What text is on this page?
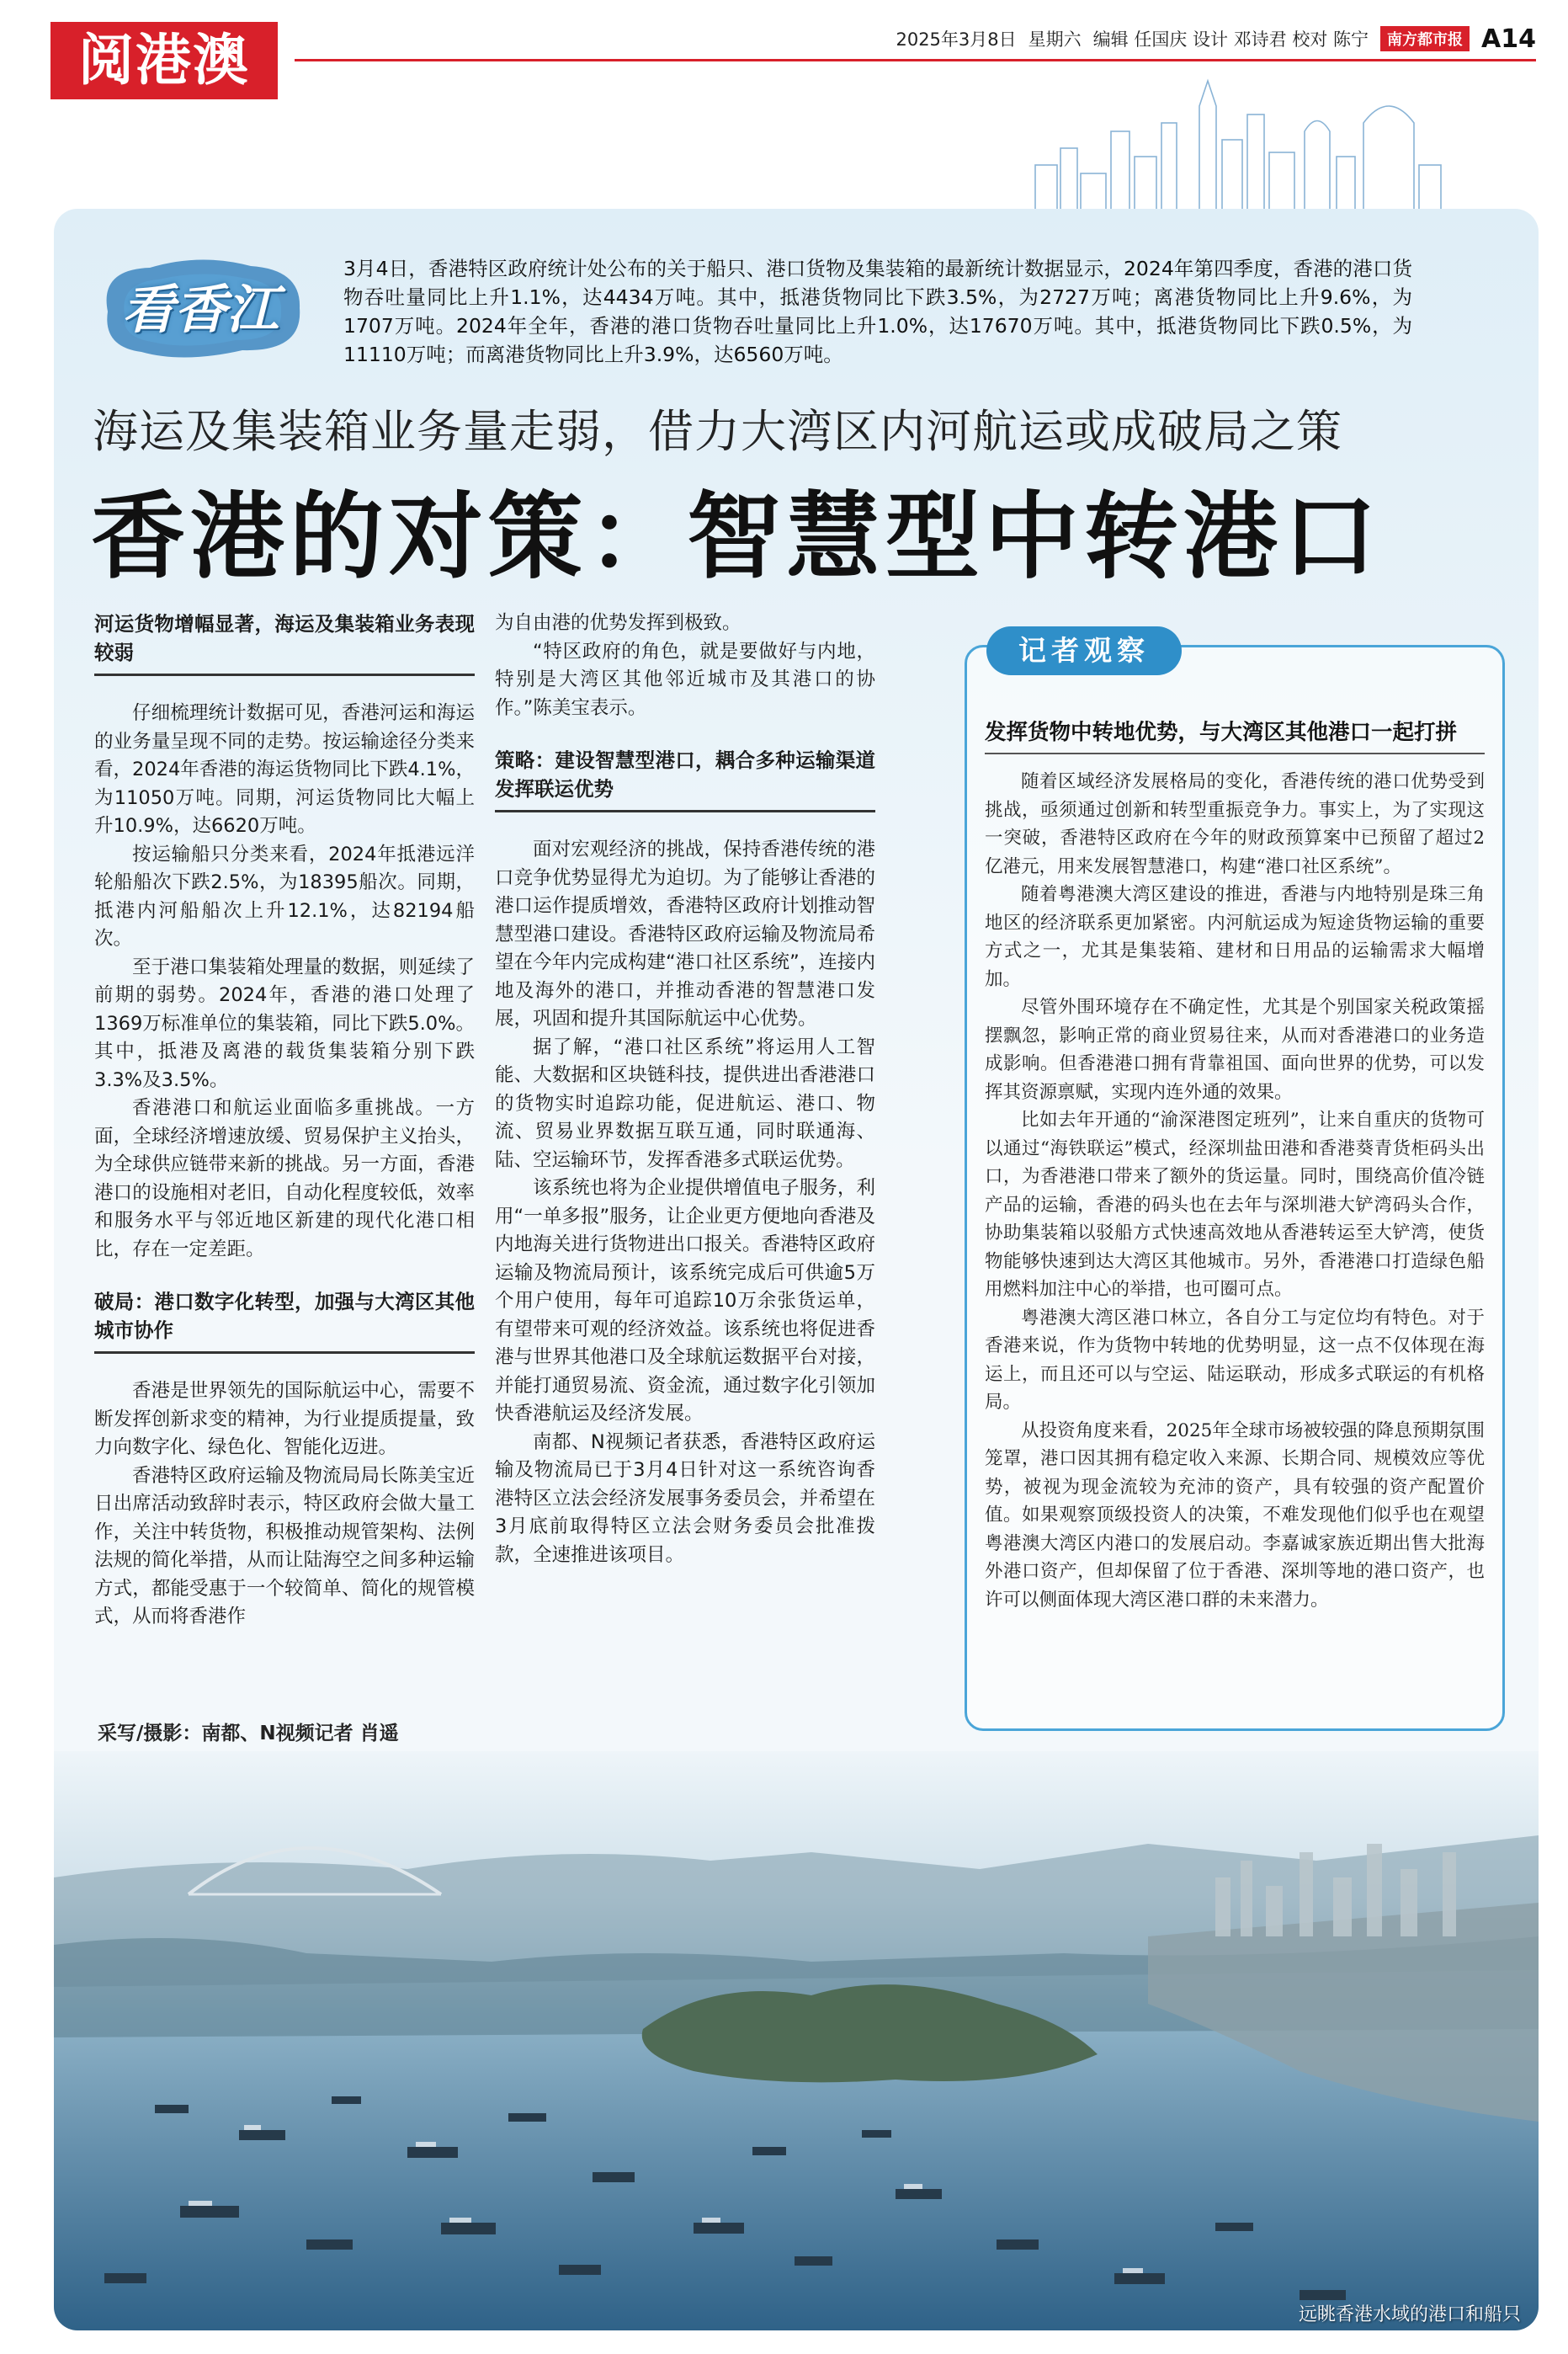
阅港澳	2025年3月8日 星期六 编辑 任国庆 设计 邓诗君 校对 陈宁	南方都市报 A14
看香江
3月4日，香港特区政府统计处公布的关于船只、港口货物及集装箱的最新统计数据显示，2024年第四季度，香港的港口货物吞吐量同比上升1.1%，达4434万吨。其中，抵港货物同比下跌3.5%，为2727万吨；离港货物同比上升9.6%，为1707万吨。2024年全年，香港的港口货物吞吐量同比上升1.0%，达17670万吨。其中，抵港货物同比下跌0.5%，为11110万吨；而离港货物同比上升3.9%，达6560万吨。
海运及集装箱业务量走弱，借力大湾区内河航运或成破局之策
香港的对策：智慧型中转港口
河运货物增幅显著，海运及集装箱业务表现较弱

仔细梳理统计数据可见，香港河运和海运的业务量呈现不同的走势。按运输途径分类来看，2024年香港的海运货物同比下跌4.1%，为11050万吨。同期，河运货物同比大幅上升10.9%，达6620万吨。

按运输船只分类来看，2024年抵港远洋轮船船次下跌2.5%，为18395船次。同期，抵港内河船船次上升12.1%，达82194船次。

至于港口集装箱处理量的数据，则延续了前期的弱势。2024年，香港的港口处理了1369万标准单位的集装箱，同比下跌5.0%。其中，抵港及离港的载货集装箱分别下跌3.3%及3.5%。

香港港口和航运业面临多重挑战。一方面，全球经济增速放缓、贸易保护主义抬头，为全球供应链带来新的挑战。另一方面，香港港口的设施相对老旧，自动化程度较低，效率和服务水平与邻近地区新建的现代化港口相比，存在一定差距。

破局：港口数字化转型，加强与大湾区其他城市协作

香港是世界领先的国际航运中心，需要不断发挥创新求变的精神，为行业提质提量，致力向数字化、绿色化、智能化迈进。

香港特区政府运输及物流局局长陈美宝近日出席活动致辞时表示，特区政府会做大量工作，关注中转货物，积极推动规管架构、法例法规的简化举措，从而让陆海空之间多种运输方式，都能受惠于一个较简单、简化的规管模式，从而将香港作

为自由港的优势发挥到极致。

“特区政府的角色，就是要做好与内地，特别是大湾区其他邻近城市及其港口的协作。”陈美宝表示。

策略：建设智慧型港口，耦合多种运输渠道发挥联运优势

面对宏观经济的挑战，保持香港传统的港口竞争优势显得尤为迫切。为了能够让香港的港口运作提质增效，香港特区政府计划推动智慧型港口建设。香港特区政府运输及物流局希望在今年内完成构建“港口社区系统”，连接内地及海外的港口，并推动香港的智慧港口发展，巩固和提升其国际航运中心优势。

据了解，“港口社区系统”将运用人工智能、大数据和区块链科技，提供进出香港港口的货物实时追踪功能，促进航运、港口、物流、贸易业界数据互联互通，同时联通海、陆、空运输环节，发挥香港多式联运优势。

该系统也将为企业提供增值电子服务，利用“一单多报”服务，让企业更方便地向香港及内地海关进行货物进出口报关。香港特区政府运输及物流局预计，该系统完成后可供逾5万个用户使用，每年可追踪10万余张货运单，有望带来可观的经济效益。该系统也将促进香港与世界其他港口及全球航运数据平台对接，并能打通贸易流、资金流，通过数字化引领加快香港航运及经济发展。

南都、N视频记者获悉，香港特区政府运输及物流局已于3月4日针对这一系统咨询香港特区立法会经济发展事务委员会，并希望在3月底前取得特区立法会财务委员会批准拨款，全速推进该项目。

采写/摄影：南都、N视频记者 肖遥
记者观察
发挥货物中转地优势，与大湾区其他港口一起打拼

随着区域经济发展格局的变化，香港传统的港口优势受到挑战，亟须通过创新和转型重振竞争力。事实上，为了实现这一突破，香港特区政府在今年的财政预算案中已预留了超过2亿港元，用来发展智慧港口，构建“港口社区系统”。

随着粤港澳大湾区建设的推进，香港与内地特别是珠三角地区的经济联系更加紧密。内河航运成为短途货物运输的重要方式之一，尤其是集装箱、建材和日用品的运输需求大幅增加。

尽管外围环境存在不确定性，尤其是个别国家关税政策摇摆飘忽，影响正常的商业贸易往来，从而对香港港口的业务造成影响。但香港港口拥有背靠祖国、面向世界的优势，可以发挥其资源禀赋，实现内连外通的效果。

比如去年开通的“渝深港图定班列”，让来自重庆的货物可以通过“海铁联运”模式，经深圳盐田港和香港葵青货柜码头出口，为香港港口带来了额外的货运量。同时，围绕高价值冷链产品的运输，香港的码头也在去年与深圳港大铲湾码头合作，协助集装箱以驳船方式快速高效地从香港转运至大铲湾，使货物能够快速到达大湾区其他城市。另外，香港港口打造绿色船用燃料加注中心的举措，也可圈可点。

粤港澳大湾区港口林立，各自分工与定位均有特色。对于香港来说，作为货物中转地的优势明显，这一点不仅体现在海运上，而且还可以与空运、陆运联动，形成多式联运的有机格局。

从投资角度来看，2025年全球市场被较强的降息预期氛围笼罩，港口因其拥有稳定收入来源、长期合同、规模效应等优势，被视为现金流较为充沛的资产，具有较强的资产配置价值。如果观察顶级投资人的决策，不难发现他们似乎也在观望粤港澳大湾区内港口的发展启动。李嘉诚家族近期出售大批海外港口资产，但却保留了位于香港、深圳等地的港口资产，也许可以侧面体现大湾区港口群的未来潜力。

远眺香港水域的港口和船只
